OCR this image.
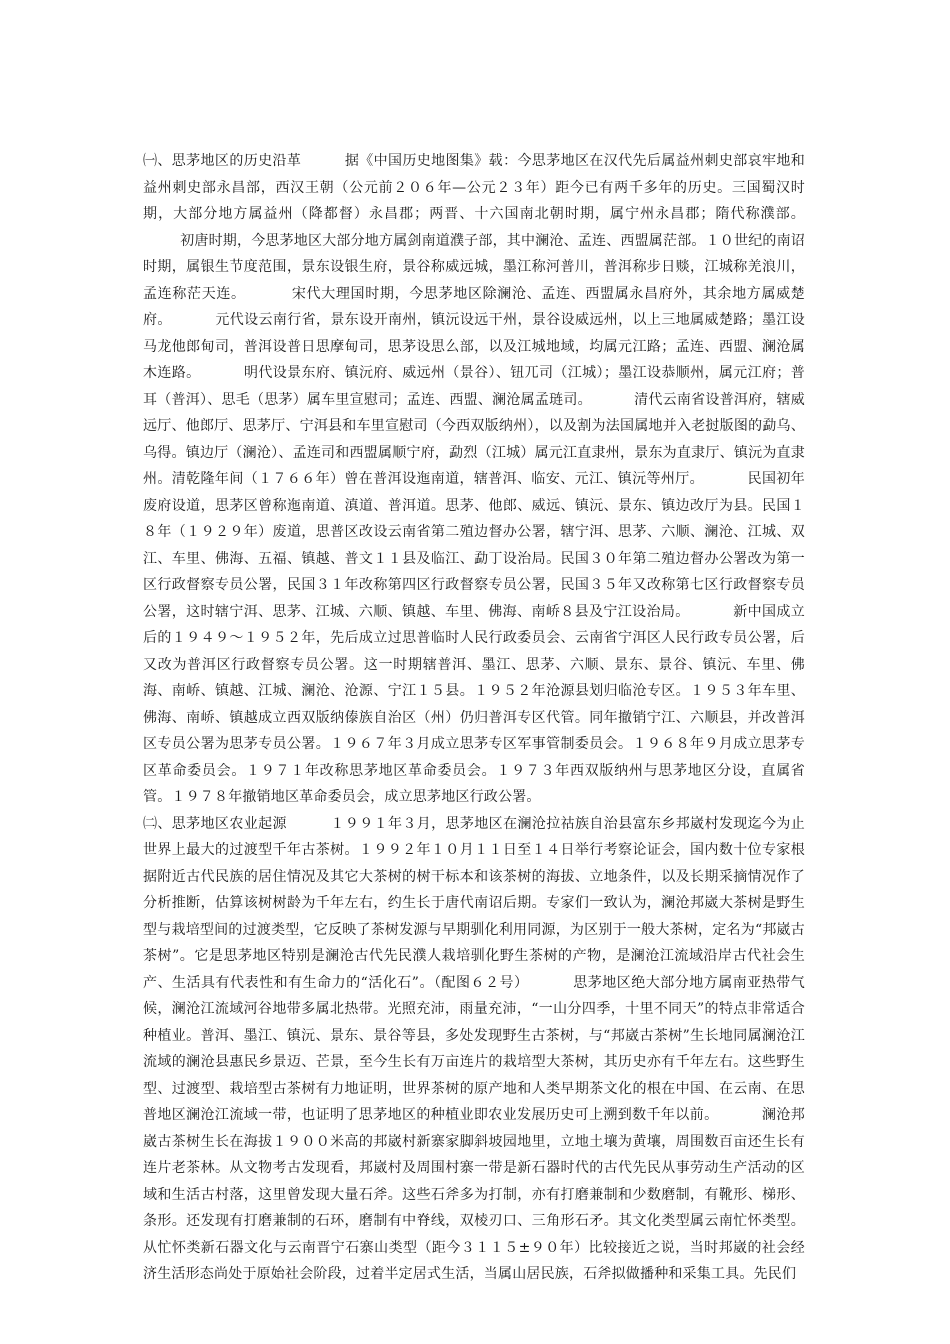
㈠、思茅地区的历史沿革	据《中国历史地图集》载：今思茅地区在汉代先后属益州刺史部哀牢地和益州刺史部永昌部，西汉王朝（公元前２０６年—公元２３年）距今已有两千多年的历史。三国蜀汉时期，大部分地方属益州（降都督）永昌郡；两晋、十六国南北朝时期，属宁州永昌郡；隋代称濮部。 初唐时期，今思茅地区大部分地方属剑南道濮子部，其中澜沧、孟连、西盟属茫部。１０世纪的南诏时期，属银生节度范围，景东设银生府，景谷称威远城，墨江称河普川，普洱称步日赕，江城称羌浪川，孟连称茫天连。	宋代大理国时期，今思茅地区除澜沧、孟连、西盟属永昌府外，其余地方属威楚府。	元代设云南行省，景东设开南州，镇沅设远干州，景谷设威远州，以上三地属威楚路；墨江设马龙他郎甸司，普洱设普日思摩甸司，思茅设思么部，以及江城地域，均属元江路；孟连、西盟、澜沧属木连路。	明代设景东府、镇沅府、威远州（景谷）、钮兀司（江城）；墨江设恭顺州，属元江府；普耳（普洱）、思毛（思茅）属车里宣慰司；孟连、西盟、澜沧属孟琏司。	清代云南省设普洱府，辖威远厅、他郎厅、思茅厅、宁洱县和车里宣慰司（今西双版纳州），以及割为法国属地并入老挝版图的勐乌、乌得。镇边厅（澜沧）、孟连司和西盟属顺宁府，勐烈（江城）属元江直隶州，景东为直隶厅、镇沅为直隶州。清乾隆年间（１７６６年）曾在普洱设迤南道，辖普洱、临安、元江、镇沅等州厅。	民国初年废府设道，思茅区曾称迤南道、滇道、普洱道。思茅、他郎、威远、镇沅、景东、镇边改厅为县。民国１８年（１９２９年）废道，思普区改设云南省第二殖边督办公署，辖宁洱、思茅、六顺、澜沧、江城、双江、车里、佛海、五福、镇越、普文１１县及临江、勐丁设治局。民国３０年第二殖边督办公署改为第一区行政督察专员公署，民国３１年改称第四区行政督察专员公署，民国３５年又改称第七区行政督察专员公署，这时辖宁洱、思茅、江城、六顺、镇越、车里、佛海、南峤８县及宁江设治局。	新中国成立后的１９４９～１９５２年，先后成立过思普临时人民行政委员会、云南省宁洱区人民行政专员公署，后又改为普洱区行政督察专员公署。这一时期辖普洱、墨江、思茅、六顺、景东、景谷、镇沅、车里、佛海、南峤、镇越、江城、澜沧、沧源、宁江１５县。１９５２年沧源县划归临沧专区。１９５３年车里、佛海、南峤、镇越成立西双版纳傣族自治区（州）仍归普洱专区代管。同年撤销宁江、六顺县，并改普洱区专员公署为思茅专员公署。１９６７年３月成立思茅专区军事管制委员会。１９６８年９月成立思茅专区革命委员会。１９７１年改称思茅地区革命委员会。１９７３年西双版纳州与思茅地区分设，直属省管。１９７８年撤销地区革命委员会，成立思茅地区行政公署。
㈡、思茅地区农业起源	１９９１年３月，思茅地区在澜沧拉祜族自治县富东乡邦崴村发现迄今为止世界上最大的过渡型千年古茶树。１９９２年１０月１１日至１４日举行考察论证会，国内数十位专家根据附近古代民族的居住情况及其它大茶树的树干标本和该茶树的海拔、立地条件，以及长期采摘情况作了分析推断，估算该树树龄为千年左右，约生长于唐代南诏后期。专家们一致认为，澜沧邦崴大茶树是野生型与栽培型间的过渡类型，它反映了茶树发源与早期驯化利用同源，为区别于一般大茶树，定名为“邦崴古茶树”。它是思茅地区特别是澜沧古代先民濮人栽培驯化野生茶树的产物，是澜沧江流域沿岸古代社会生产、生活具有代表性和有生命力的“活化石”。（配图６２号）	思茅地区绝大部分地方属南亚热带气候，澜沧江流域河谷地带多属北热带。光照充沛，雨量充沛，“一山分四季，十里不同天”的特点非常适合种植业。普洱、墨江、镇沅、景东、景谷等县，多处发现野生古茶树，与“邦崴古茶树”生长地同属澜沧江流域的澜沧县惠民乡景迈、芒景，至今生长有万亩连片的栽培型大茶树，其历史亦有千年左右。这些野生型、过渡型、栽培型古茶树有力地证明，世界茶树的原产地和人类早期茶文化的根在中国、在云南、在思普地区澜沧江流域一带，也证明了思茅地区的种植业即农业发展历史可上溯到数千年以前。	澜沧邦崴古茶树生长在海拔１９００米高的邦崴村新寨家脚斜坡园地里，立地土壤为黄壤，周围数百亩还生长有连片老茶林。从文物考古发现看，邦崴村及周围村寨一带是新石器时代的古代先民从事劳动生产活动的区域和生活古村落，这里曾发现大量石斧。这些石斧多为打制，亦有打磨兼制和少数磨制，有靴形、梯形、条形。还发现有打磨兼制的石环，磨制有中脊线，双棱刃口、三角形石矛。其文化类型属云南忙怀类型。从忙怀类新石器文化与云南晋宁石寨山类型（距今３１１５±９０年）比较接近之说，当时邦崴的社会经济生活形态尚处于原始社会阶段，过着半定居式生活，当属山居民族，石斧拟做播种和采集工具。先民们
